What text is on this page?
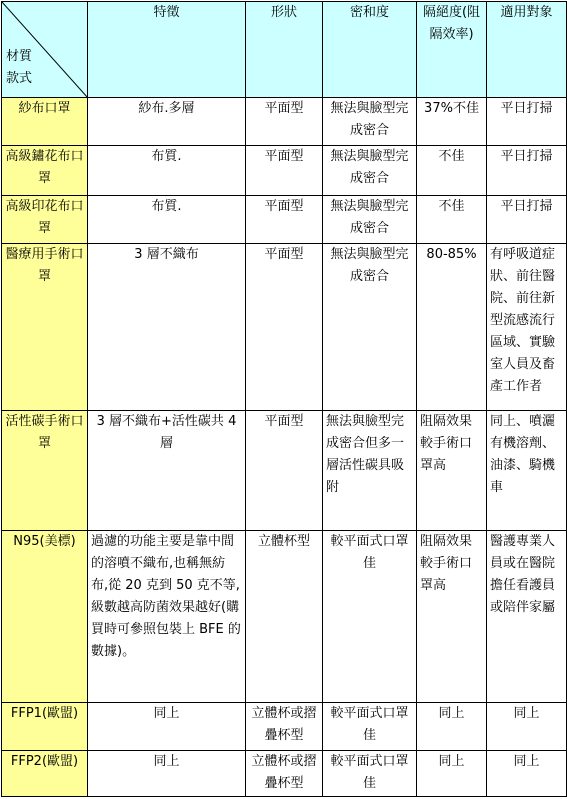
材質
款式	特徵	形狀	密和度	隔絕度(阻隔效率)	適用對象
紗布口罩	紗布.多層	平面型	無法與臉型完成密合	37%不佳	平日打掃
高級鏽花布口罩	布質.	平面型	無法與臉型完成密合	不佳	平日打掃
高級印花布口罩	布質.	平面型	無法與臉型完成密合	不佳	平日打掃
醫療用手術口罩	3 層不織布	平面型	無法與臉型完成密合	80-85%	有呼吸道症狀、前往醫院、前往新型流感流行區域、實驗室人員及畜產工作者
活性碳手術口罩	3 層不織布+活性碳共 4 層	平面型	無法與臉型完成密合但多一層活性碳具吸附	阻隔效果較手術口罩高	同上、噴灑有機溶劑、油漆、騎機車
N95(美標)	過濾的功能主要是靠中間的溶噴不織布,也稱無紡布,從 20 克到 50 克不等,級數越高防菌效果越好(購買時可參照包裝上 BFE 的數據)。	立體杯型	較平面式口罩佳	阻隔效果較手術口罩高	醫護專業人員或在醫院擔任看護員或陪伴家屬
FFP1(歐盟)	同上	立體杯或摺疊杯型	較平面式口罩佳	同上	同上
FFP2(歐盟)	同上	立體杯或摺疊杯型	較平面式口罩佳	同上	同上
